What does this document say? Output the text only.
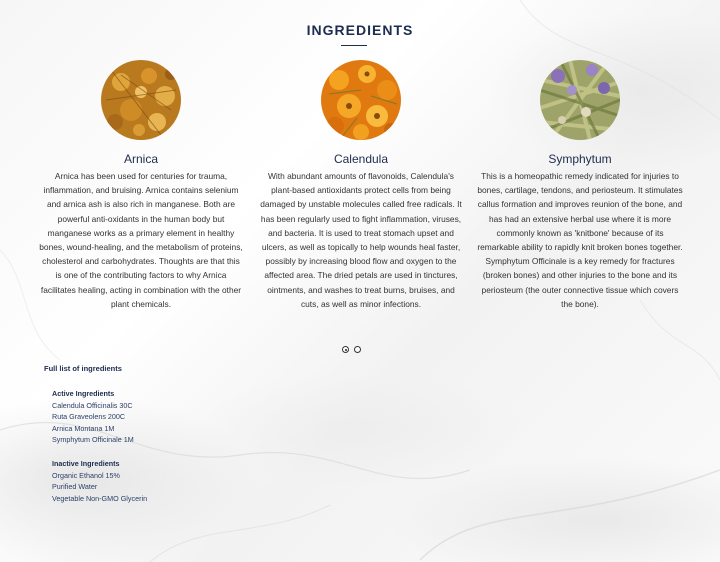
INGREDIENTS
Arnica
Arnica has been used for centuries for trauma, inflammation, and bruising. Arnica contains selenium and arnica ash is also rich in manganese. Both are powerful anti-oxidants in the human body but manganese works as a primary element in healthy bones, wound-healing, and the metabolism of proteins, cholesterol and carbohydrates. Thoughts are that this is one of the contributing factors to why Arnica facilitates healing, acting in combination with the other plant chemicals.
Calendula
With abundant amounts of flavonoids, Calendula's plant-based antioxidants protect cells from being damaged by unstable molecules called free radicals. It has been regularly used to fight inflammation, viruses, and bacteria. It is used to treat stomach upset and ulcers, as well as topically to help wounds heal faster, possibly by increasing blood flow and oxygen to the affected area. The dried petals are used in tinctures, ointments, and washes to treat burns, bruises, and cuts, as well as minor infections.
Symphytum
This is a homeopathic remedy indicated for injuries to bones, cartilage, tendons, and periosteum. It stimulates callus formation and improves reunion of the bone, and has had an extensive herbal use where it is more commonly known as 'knitbone' because of its remarkable ability to rapidly knit broken bones together. Symphytum Officinale is a key remedy for fractures (broken bones) and other injuries to the bone and its periosteum (the outer connective tissue which covers the bone).
Full list of ingredients
Active Ingredients
Calendula Officinalis 30C
Ruta Graveolens 200C
Arnica Montana 1M
Symphytum Officinale 1M
Inactive Ingredients
Organic Ethanol 15%
Purified Water
Vegetable Non-GMO Glycerin
